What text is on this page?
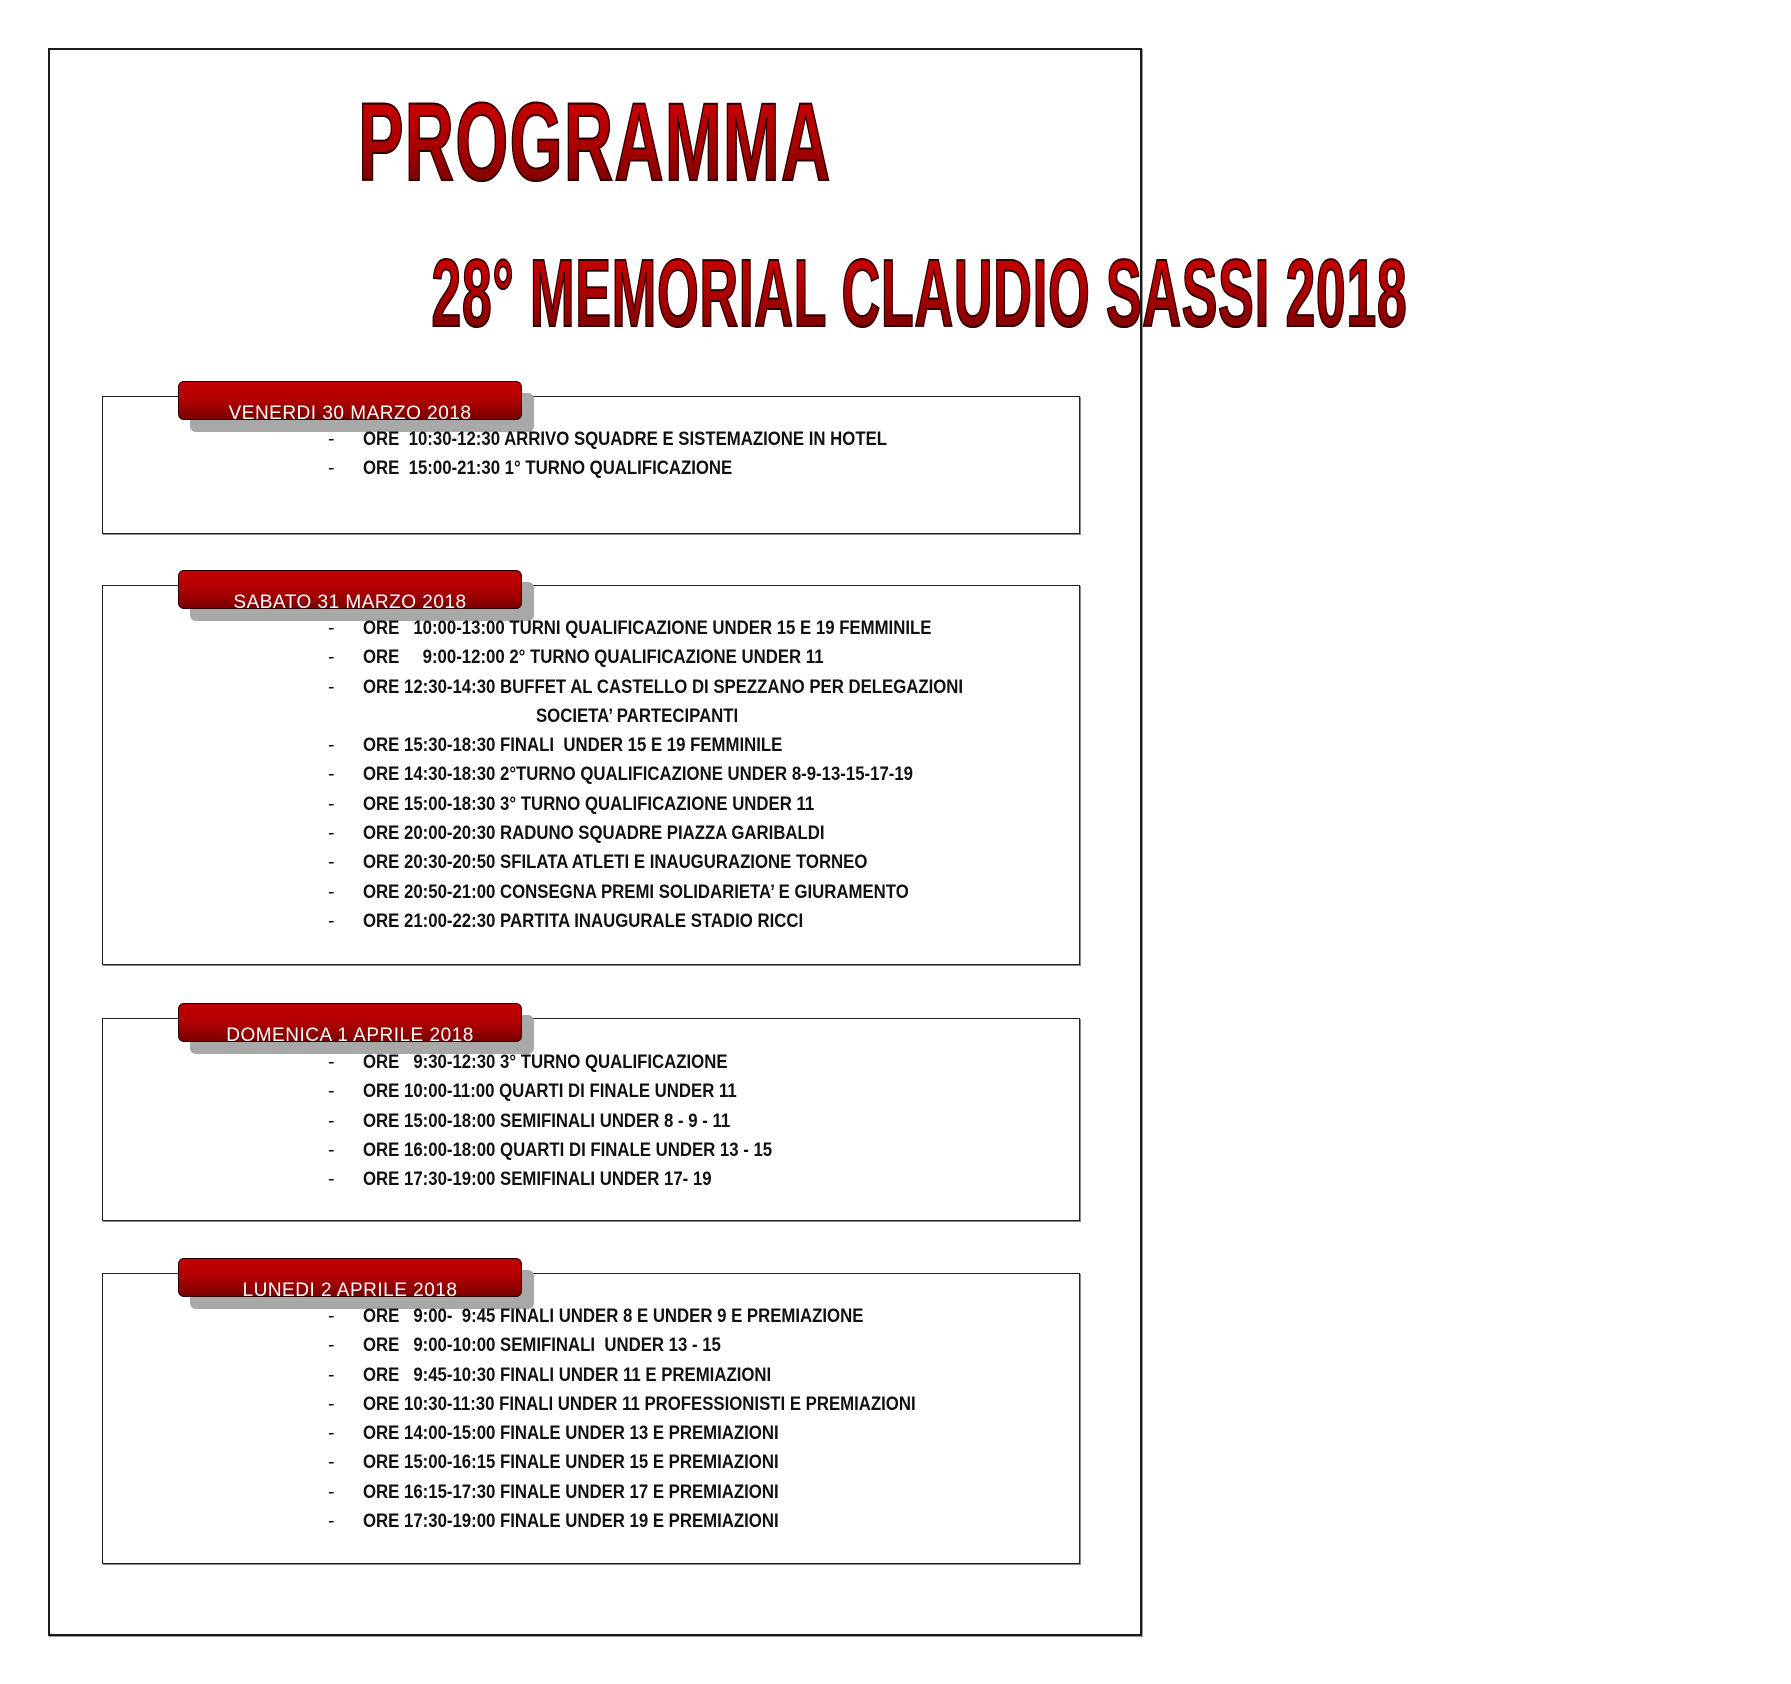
PROGRAMMA
28° MEMORIAL CLAUDIO SASSI 2018
VENERDI 30 MARZO 2018
- ORE  10:30-12:30 ARRIVO SQUADRE E SISTEMAZIONE IN HOTEL
- ORE  15:00-21:30 1° TURNO QUALIFICAZIONE
SABATO 31 MARZO 2018
- ORE   10:00-13:00 TURNI QUALIFICAZIONE UNDER 15 E 19 FEMMINILE
- ORE     9:00-12:00 2° TURNO QUALIFICAZIONE UNDER 11
- ORE 12:30-14:30 BUFFET AL CASTELLO DI SPEZZANO PER DELEGAZIONI
SOCIETA’ PARTECIPANTI
- ORE 15:30-18:30 FINALI  UNDER 15 E 19 FEMMINILE
- ORE 14:30-18:30 2°TURNO QUALIFICAZIONE UNDER 8-9-13-15-17-19
- ORE 15:00-18:30 3° TURNO QUALIFICAZIONE UNDER 11
- ORE 20:00-20:30 RADUNO SQUADRE PIAZZA GARIBALDI
- ORE 20:30-20:50 SFILATA ATLETI E INAUGURAZIONE TORNEO
- ORE 20:50-21:00 CONSEGNA PREMI SOLIDARIETA’ E GIURAMENTO
- ORE 21:00-22:30 PARTITA INAUGURALE STADIO RICCI
DOMENICA 1 APRILE 2018
- ORE   9:30-12:30 3° TURNO QUALIFICAZIONE
- ORE 10:00-11:00 QUARTI DI FINALE UNDER 11
- ORE 15:00-18:00 SEMIFINALI UNDER 8 - 9 - 11
- ORE 16:00-18:00 QUARTI DI FINALE UNDER 13 - 15
- ORE 17:30-19:00 SEMIFINALI UNDER 17- 19
LUNEDI 2 APRILE 2018
- ORE   9:00-  9:45 FINALI UNDER 8 E UNDER 9 E PREMIAZIONE
- ORE   9:00-10:00 SEMIFINALI  UNDER 13 - 15
- ORE   9:45-10:30 FINALI UNDER 11 E PREMIAZIONI
- ORE 10:30-11:30 FINALI UNDER 11 PROFESSIONISTI E PREMIAZIONI
- ORE 14:00-15:00 FINALE UNDER 13 E PREMIAZIONI
- ORE 15:00-16:15 FINALE UNDER 15 E PREMIAZIONI
- ORE 16:15-17:30 FINALE UNDER 17 E PREMIAZIONI
- ORE 17:30-19:00 FINALE UNDER 19 E PREMIAZIONI
